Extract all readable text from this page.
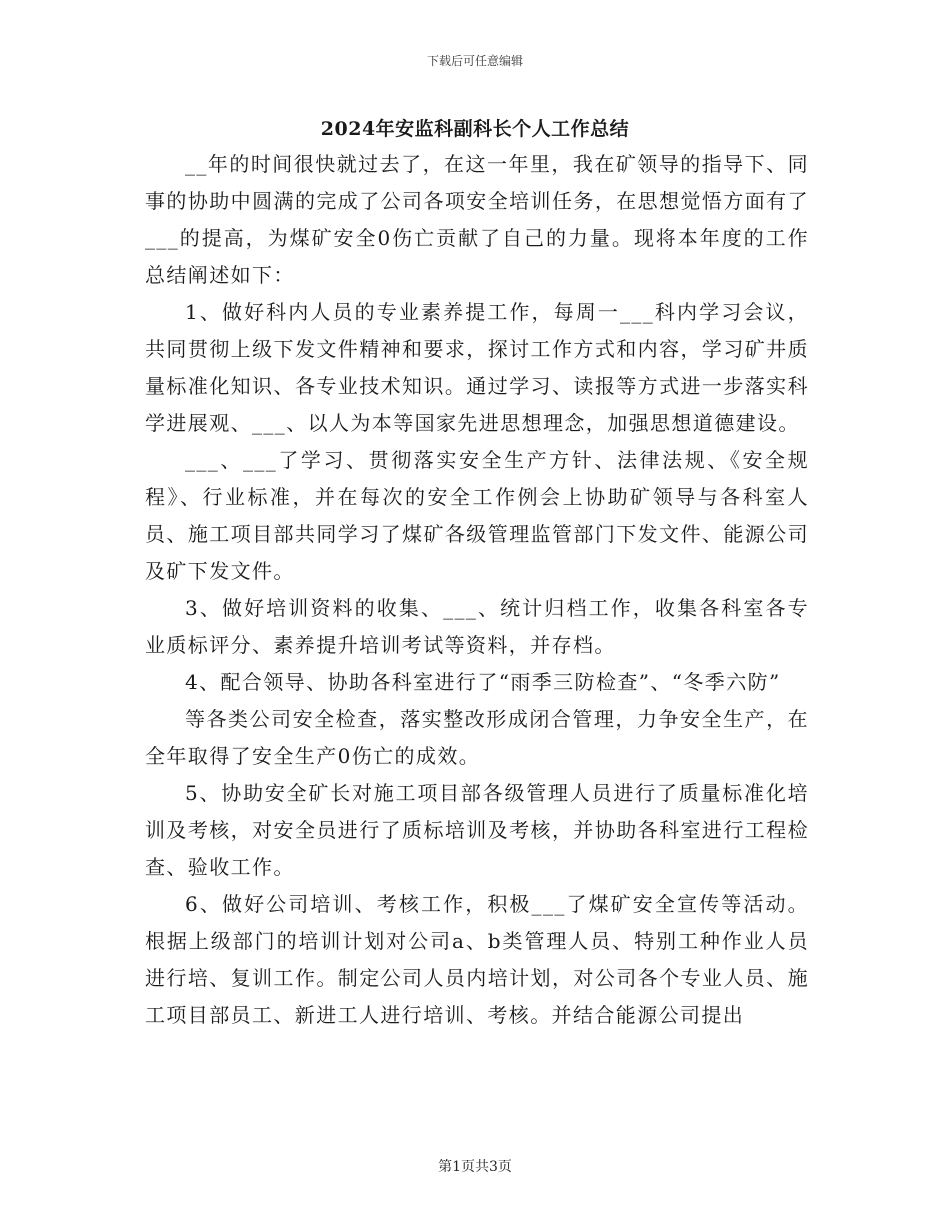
下载后可任意编辑
2024年安监科副科长个人工作总结

__年的时间很快就过去了，在这一年里，我在矿领导的指导下、同事的协助中圆满的完成了公司各项安全培训任务，在思想觉悟方面有了___的提高，为煤矿安全0伤亡贡献了自己的力量。现将本年度的工作总结阐述如下：

1、做好科内人员的专业素养提工作，每周一___科内学习会议，共同贯彻上级下发文件精神和要求，探讨工作方式和内容，学习矿井质量标准化知识、各专业技术知识。通过学习、读报等方式进一步落实科学进展观、___、以人为本等国家先进思想理念，加强思想道德建设。

___、___了学习、贯彻落实安全生产方针、法律法规、《安全规程》、行业标准，并在每次的安全工作例会上协助矿领导与各科室人员、施工项目部共同学习了煤矿各级管理监管部门下发文件、能源公司及矿下发文件。

3、做好培训资料的收集、___、统计归档工作，收集各科室各专业质标评分、素养提升培训考试等资料，并存档。

4、配合领导、协助各科室进行了“雨季三防检查”、“冬季六防”

等各类公司安全检查，落实整改形成闭合管理，力争安全生产，在全年取得了安全生产0伤亡的成效。

5、协助安全矿长对施工项目部各级管理人员进行了质量标准化培训及考核，对安全员进行了质标培训及考核，并协助各科室进行工程检查、验收工作。

6、做好公司培训、考核工作，积极___了煤矿安全宣传等活动。根据上级部门的培训计划对公司a、b类管理人员、特别工种作业人员进行培、复训工作。制定公司人员内培计划，对公司各个专业人员、施工项目部员工、新进工人进行培训、考核。并结合能源公司提出

第1页共3页
